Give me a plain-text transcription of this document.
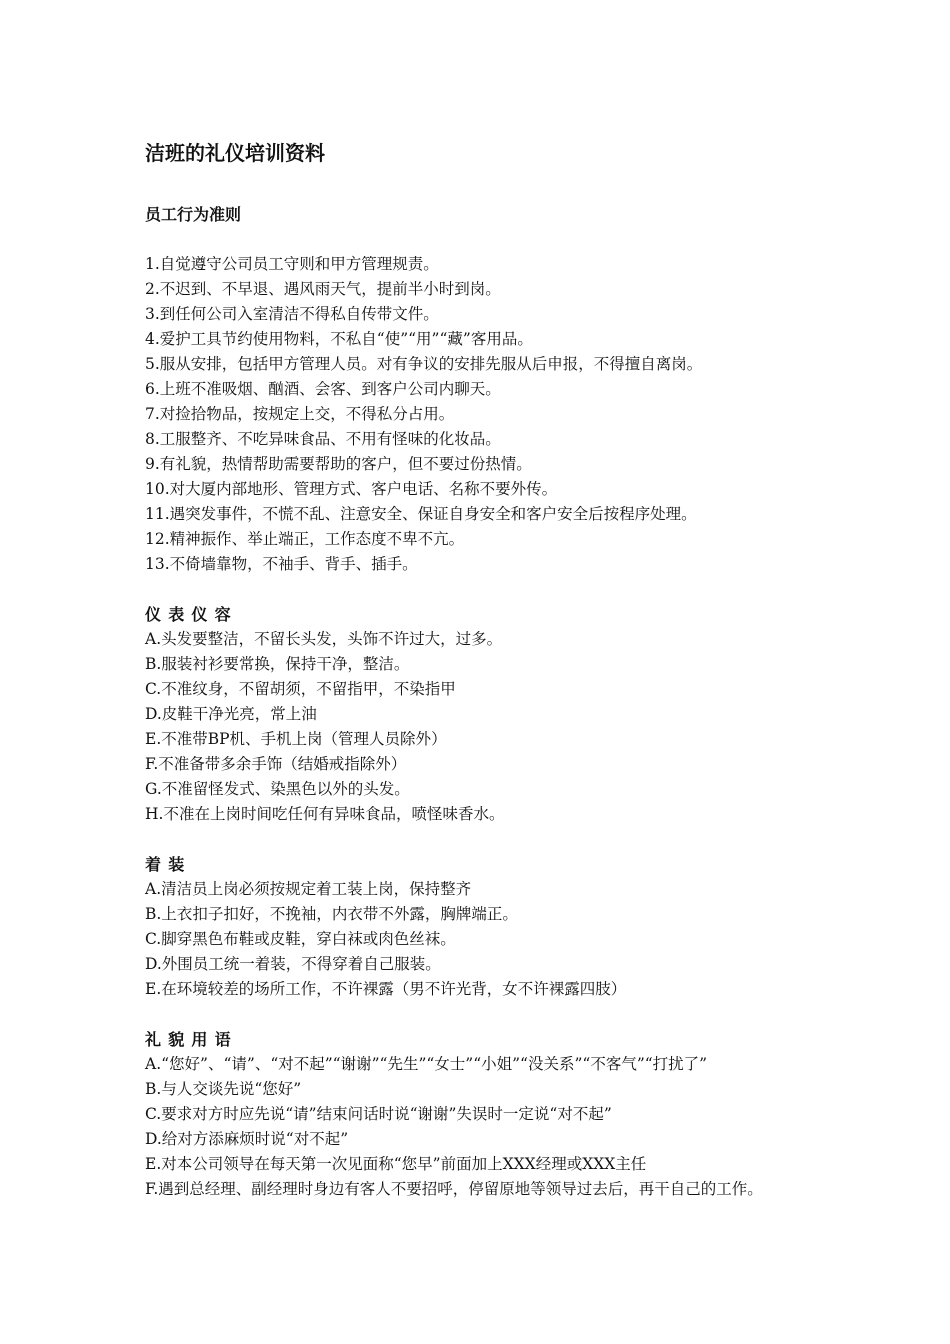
洁班的礼仪培训资料
员工行为准则
1.自觉遵守公司员工守则和甲方管理规责。
2.不迟到、不早退、遇风雨天气，提前半小时到岗。
3.到任何公司入室清洁不得私自传带文件。
4.爱护工具节约使用物料，不私自“使”“用”“藏”客用品。
5.服从安排，包括甲方管理人员。对有争议的安排先服从后申报，不得擅自离岗。
6.上班不准吸烟、酗酒、会客、到客户公司内聊天。
7.对捡拾物品，按规定上交，不得私分占用。
8.工服整齐、不吃异味食品、不用有怪味的化妆品。
9.有礼貌，热情帮助需要帮助的客户，但不要过份热情。
10.对大厦内部地形、管理方式、客户电话、名称不要外传。
11.遇突发事件，不慌不乱、注意安全、保证自身安全和客户安全后按程序处理。
12.精神振作、举止端正，工作态度不卑不亢。
13.不倚墙靠物，不袖手、背手、插手。
仪表仪容
A.头发要整洁，不留长头发，头饰不许过大，过多。
B.服装衬衫要常换，保持干净，整洁。
C.不准纹身，不留胡须，不留指甲，不染指甲
D.皮鞋干净光亮，常上油
E.不准带BP机、手机上岗（管理人员除外）
F.不准备带多余手饰（结婚戒指除外）
G.不准留怪发式、染黑色以外的头发。
H.不准在上岗时间吃任何有异味食品，喷怪味香水。
着装
A.清洁员上岗必须按规定着工装上岗，保持整齐
B.上衣扣子扣好，不挽袖，内衣带不外露，胸牌端正。
C.脚穿黑色布鞋或皮鞋，穿白袜或肉色丝袜。
D.外围员工统一着装，不得穿着自己服装。
E.在环境较差的场所工作，不许裸露（男不许光背，女不许裸露四肢）
礼貌用语
A.“您好”、“请”、“对不起”“谢谢”“先生”“女士”“小姐”“没关系”“不客气”“打扰了”
B.与人交谈先说“您好”
C.要求对方时应先说“请”结束问话时说“谢谢”失误时一定说“对不起”
D.给对方添麻烦时说“对不起”
E.对本公司领导在每天第一次见面称“您早”前面加上XXX经理或XXX主任
F.遇到总经理、副经理时身边有客人不要招呼，停留原地等领导过去后，再干自己的工作。
